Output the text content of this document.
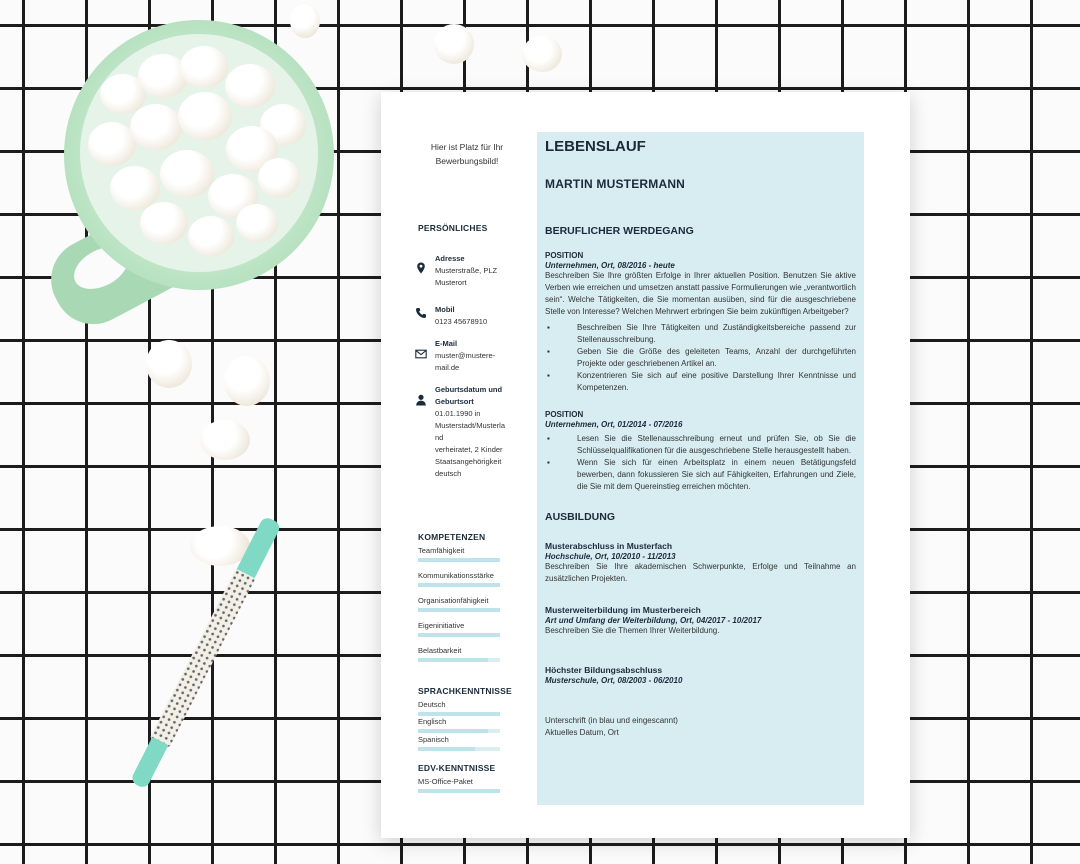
Hier ist Platz für Ihr Bewerbungsbild!
PERSÖNLICHES
Adresse
Musterstraße, PLZ
Musterort
Mobil
0123 45678910
E-Mail
muster@mustere-
mail.de
Geburtsdatum und
Geburtsort
01.01.1990 in
Musterstadt/Musterla
nd
verheiratet, 2 Kinder
Staatsangehörigkeit
deutsch
KOMPETENZEN
Teamfähigkeit
Kommunikationsstärke
Organisationfähigkeit
Eigeninitiative
Belastbarkeit
SPRACHKENNTNISSE
Deutsch
Englisch
Spanisch
EDV-KENNTNISSE
MS-Office-Paket
LEBENSLAUF
MARTIN MUSTERMANN
BERUFLICHER WERDEGANG
POSITION
Unternehmen, Ort, 08/2016 - heute
Beschreiben Sie Ihre größten Erfolge in Ihrer aktuellen Position. Benutzen Sie aktive Verben wie erreichen und umsetzen anstatt passive Formulierungen wie „verantwortlich sein“. Welche Tätigkeiten, die Sie momentan ausüben, sind für die ausgeschriebene Stelle von Interesse? Welchen Mehrwert erbringen Sie beim zukünftigen Arbeitgeber?
▪ Beschreiben Sie Ihre Tätigkeiten und Zuständigkeitsbereiche passend zur Stellenausschreibung.
▪ Geben Sie die Größe des geleiteten Teams, Anzahl der durchgeführten Projekte oder geschriebenen Artikel an.
▪ Konzentrieren Sie sich auf eine positive Darstellung Ihrer Kenntnisse und Kompetenzen.
POSITION
Unternehmen, Ort, 01/2014 - 07/2016
▪ Lesen Sie die Stellenausschreibung erneut und prüfen Sie, ob Sie die Schlüsselqualifikationen für die ausgeschriebene Stelle herausgestellt haben.
▪ Wenn Sie sich für einen Arbeitsplatz in einem neuen Betätigungsfeld bewerben, dann fokussieren Sie sich auf Fähigkeiten, Erfahrungen und Ziele, die Sie mit dem Quereinstieg erreichen möchten.
AUSBILDUNG
Musterabschluss in Musterfach
Hochschule, Ort, 10/2010 - 11/2013
Beschreiben Sie Ihre akademischen Schwerpunkte, Erfolge und Teilnahme an zusätzlichen Projekten.
Musterweiterbildung im Musterbereich
Art und Umfang der Weiterbildung, Ort, 04/2017 - 10/2017
Beschreiben Sie die Themen Ihrer Weiterbildung.
Höchster Bildungsabschluss
Musterschule, Ort, 08/2003 - 06/2010
Unterschrift (in blau und eingescannt)
Aktuelles Datum, Ort
